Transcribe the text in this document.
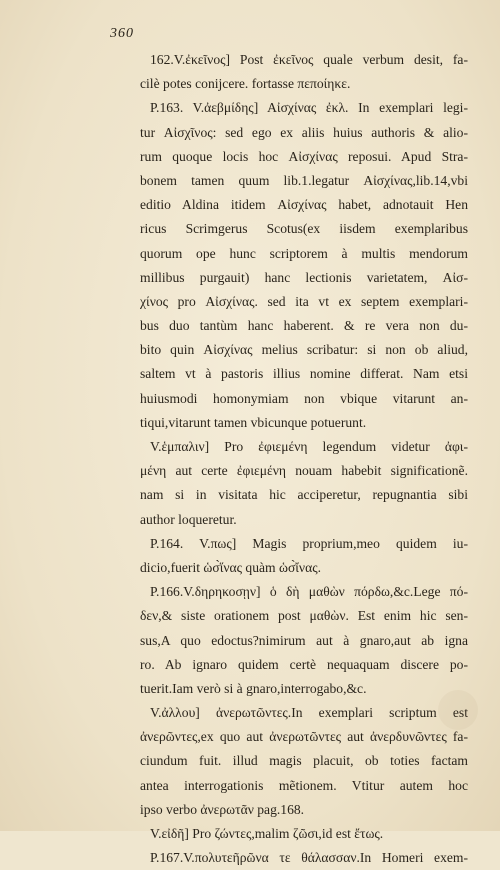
360
162.V.ἐκεῖνος] Post ἐκεῖνος quale verbum desit, fa-
cilè potes conijcere. fortasse πεποίηκε.
P.163. V.ἀεβμίδης] Αἰσχίνας ἐκλ. In exemplari legi-
tur Αἰσχῖνος: sed ego ex aliis huius authoris & alio-
rum quoque locis hoc Αἰσχίνας reposui. Apud Stra-
bonem tamen quum lib.1.legatur Αἰσχίνας,lib.14,vbi
editio Aldina itidem Αἰσχίνας habet, adnotauit Hen
ricus Scrimgerus Scotus(ex iisdem exemplaribus
quorum ope hunc scriptorem à multis mendorum
millibus purgauit) hanc lectionis varietatem, Αἰσ-
χίνος pro Αἰσχίνας. sed ita vt ex septem exemplari-
bus duo tantùm hanc haberent. & re vera non du-
bito quin Αἰσχίνας melius scribatur: si non ob aliud,
saltem vt à pastoris illius nomine differat. Nam etsi
huiusmodi homonymiam non vbique vitarunt an-
tiqui,vitarunt tamen vbicunque potuerunt.
V.ἑμπαλιν] Pro ἐφιεμένη legendum videtur ἀφι-
μένη aut certe ἐφιεμένη nouam habebit significationẽ.
nam si in visitata hic acciperetur, repugnantia sibi
author loqueretur.
P.164. V.πως] Magis proprium,meo quidem iu-
dicio,fuerit ὡσ̀ἵνας quàm ὡσ̀ἴνας.
P.166.V.δηρηκοσῃν] ὁ δὴ μαθὼν πόρδω,&c.Lege πό-
δεν,& siste orationem post μαθὼν. Est enim hic sen-
sus,A quo edoctus?nimirum aut à gnaro,aut ab igna
ro. Ab ignaro quidem certè nequaquam discere po-
tuerit.Iam verò si à gnaro,interrogabo,&c.
V.ἀλλου] ἀνερωτῶντες.In exemplari scriptum est
ἀνερῶντες,ex quo aut ἀνερωτῶντες aut ἀνερδυνῶντες fa-
ciundum fuit. illud magis placuit, ob toties factam
antea interrogationis mẽtionem. Vtitur autem hoc
ipso verbo ἀνερωτᾶν pag.168.
V.εἰδῆ] Pro ζώντες,malim ζῶσι,id est ἔτως.
P.167.V.πολυτεῆρῶνα τε θάλασσαν.In Homeri exem-
